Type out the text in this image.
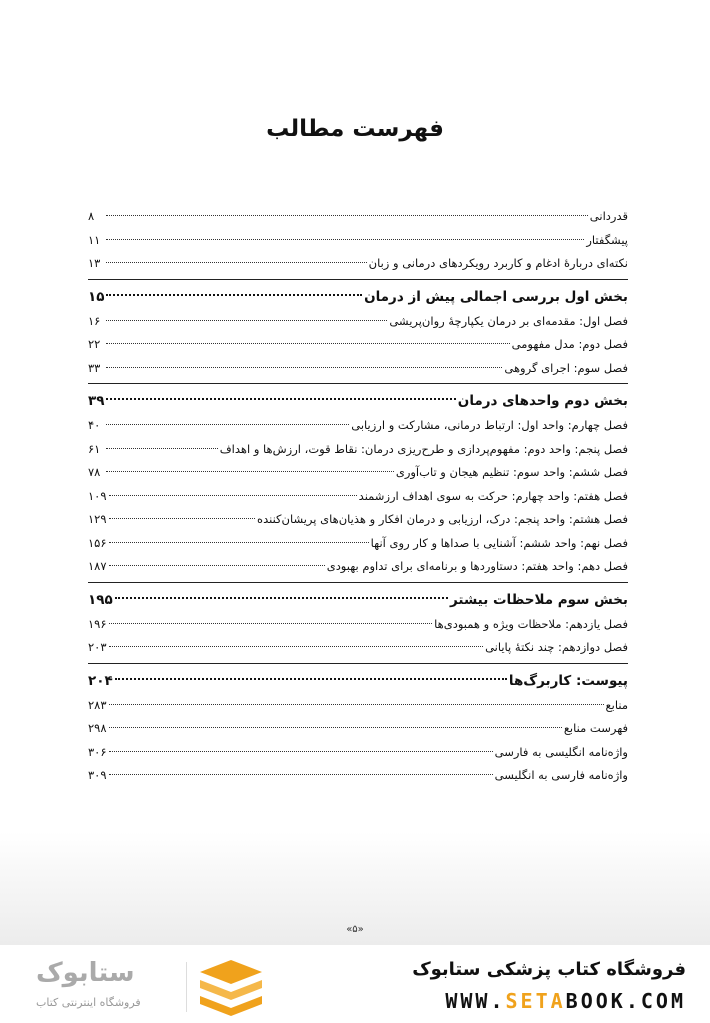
فهرست مطالب
قدردانی
۸
پیشگفتار
۱۱
نکته‌ای دربارهٔ ادغام و کاربرد رویکردهای درمانی و زبان
۱۳
بخش اول بررسی اجمالی پیش از درمان
۱۵
فصل اول: مقدمه‌ای بر درمان یکپارچهٔ روان‌پریشی
۱۶
فصل دوم: مدل مفهومی
۲۲
فصل سوم: اجرای گروهی
۳۳
بخش دوم واحدهای درمان
۳۹
فصل چهارم: واحد اول: ارتباط درمانی، مشارکت و ارزیابی
۴۰
فصل پنجم: واحد دوم: مفهوم‌پردازی و طرح‌ریزی درمان: نقاط قوت، ارزش‌ها و اهداف
۶۱
فصل ششم: واحد سوم: تنظیم هیجان و تاب‌آوری
۷۸
فصل هفتم: واحد چهارم: حرکت به سوی اهداف ارزشمند
۱۰۹
فصل هشتم: واحد پنجم: درک، ارزیابی و درمان افکار و هذیان‌های پریشان‌کننده
۱۲۹
فصل نهم: واحد ششم: آشنایی با صداها و کار روی آنها
۱۵۶
فصل دهم: واحد هفتم: دستاوردها و برنامه‌ای برای تداوم بهبودی
۱۸۷
بخش سوم ملاحظات بیشتر
۱۹۵
فصل یازدهم: ملاحظات ویژه و همبودی‌ها
۱۹۶
فصل دوازدهم: چند نکتهٔ پایانی
۲۰۳
پیوست: کاربرگ‌ها
۲۰۴
منابع
۲۸۳
فهرست منابع
۲۹۸
واژه‌نامه انگلیسی به فارسی
۳۰۶
واژه‌نامه فارسی به انگلیسی
۳۰۹
«۵»
ستابوک
فروشگاه اینترنتی کتاب
فروشگاه کتاب پزشکی ستابوک
WWW.SETABOOK.COM
